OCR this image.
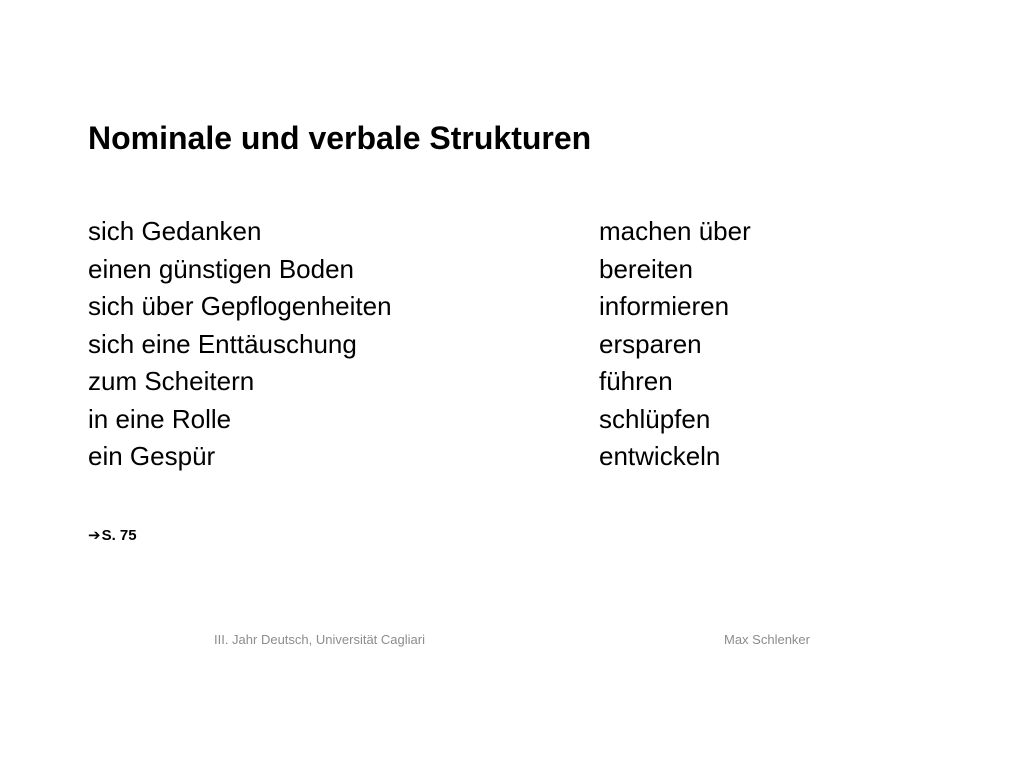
Nominale und verbale Strukturen
sich Gedanken	machen über
einen günstigen Boden	bereiten
sich über Gepflogenheiten	informieren
sich eine Enttäuschung	ersparen
zum Scheitern	führen
in eine Rolle	schlüpfen
ein Gespür	entwickeln
➔ S. 75
III. Jahr Deutsch, Universität Cagliari	Max Schlenker
